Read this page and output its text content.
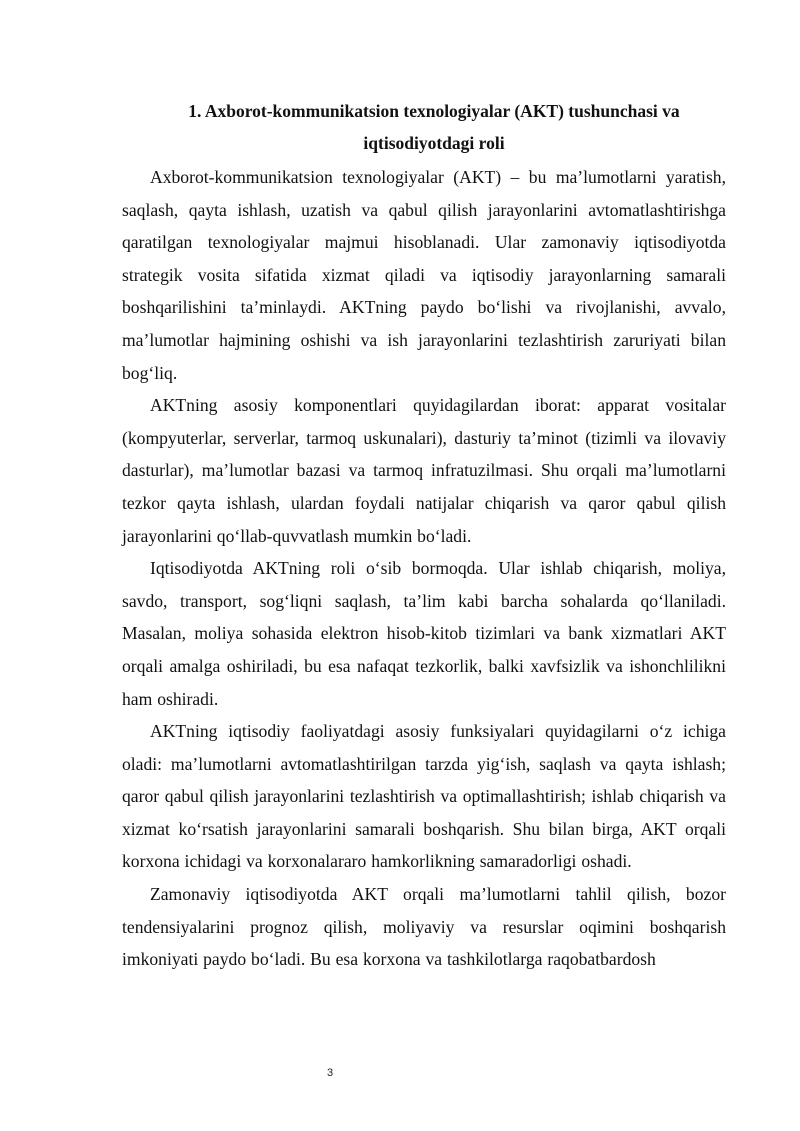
1. Axborot-kommunikatsion texnologiyalar (AKT) tushunchasi va iqtisodiyotdagi roli

Axborot-kommunikatsion texnologiyalar (AKT) – bu ma’lumotlarni yaratish, saqlash, qayta ishlash, uzatish va qabul qilish jarayonlarini avtomatlashtirishga qaratilgan texnologiyalar majmui hisoblanadi. Ular zamonaviy iqtisodiyotda strategik vosita sifatida xizmat qiladi va iqtisodiy jarayonlarning samarali boshqarilishini ta’minlaydi. AKTning paydo bo‘lishi va rivojlanishi, avvalo, ma’lumotlar hajmining oshishi va ish jarayonlarini tezlashtirish zaruriyati bilan bog‘liq.

AKTning asosiy komponentlari quyidagilardan iborat: apparat vositalar (kompyuterlar, serverlar, tarmoq uskunalari), dasturiy ta’minot (tizimli va ilovaviy dasturlar), ma’lumotlar bazasi va tarmoq infratuzilmasi. Shu orqali ma’lumotlarni tezkor qayta ishlash, ulardan foydali natijalar chiqarish va qaror qabul qilish jarayonlarini qo‘llab-quvvatlash mumkin bo‘ladi.

Iqtisodiyotda AKTning roli o‘sib bormoqda. Ular ishlab chiqarish, moliya, savdo, transport, sog‘liqni saqlash, ta’lim kabi barcha sohalarda qo‘llaniladi. Masalan, moliya sohasida elektron hisob-kitob tizimlari va bank xizmatlari AKT orqali amalga oshiriladi, bu esa nafaqat tezkorlik, balki xavfsizlik va ishonchlilikni ham oshiradi.

AKTning iqtisodiy faoliyatdagi asosiy funksiyalari quyidagilarni o‘z ichiga oladi: ma’lumotlarni avtomatlashtirilgan tarzda yig‘ish, saqlash va qayta ishlash; qaror qabul qilish jarayonlarini tezlashtirish va optimallashtirish; ishlab chiqarish va xizmat ko‘rsatish jarayonlarini samarali boshqarish. Shu bilan birga, AKT orqali korxona ichidagi va korxonalararo hamkorlikning samaradorligi oshadi.

Zamonaviy iqtisodiyotda AKT orqali ma’lumotlarni tahlil qilish, bozor tendensiyalarini prognoz qilish, moliyaviy va resurslar oqimini boshqarish imkoniyati paydo bo‘ladi. Bu esa korxona va tashkilotlarga raqobatbardosh

3
